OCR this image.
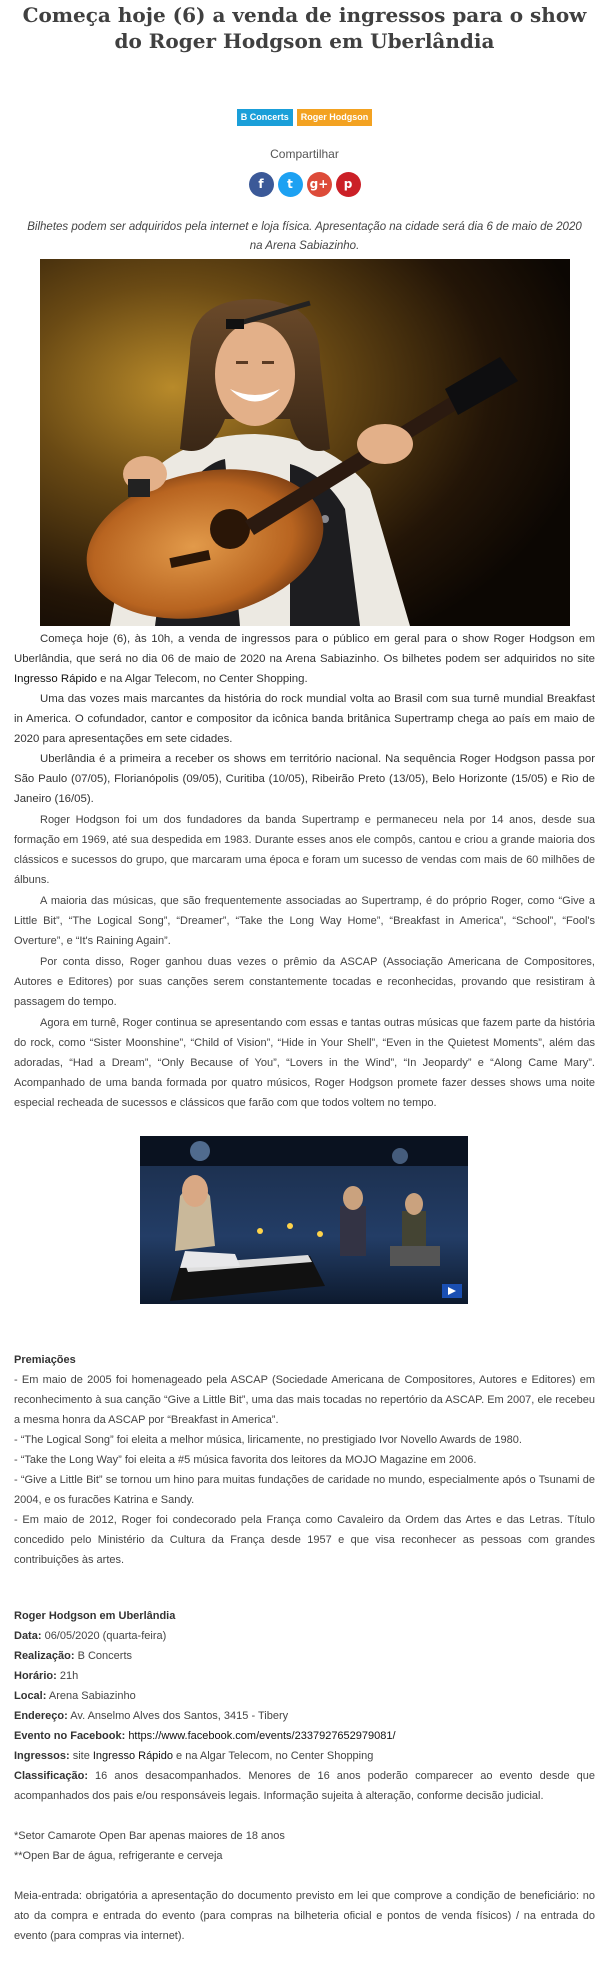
Começa hoje (6) a venda de ingressos para o show do Roger Hodgson em Uberlândia
B Concerts Roger Hodgson
Compartilhar
f t g+ p
Bilhetes podem ser adquiridos pela internet e loja física. Apresentação na cidade será dia 6 de maio de 2020 na Arena Sabiazinho.

Começa hoje (6), às 10h, a venda de ingressos para o público em geral para o show Roger Hodgson em Uberlândia, que será no dia 06 de maio de 2020 na Arena Sabiazinho. Os bilhetes podem ser adquiridos no site Ingresso Rápido e na Algar Telecom, no Center Shopping.

Uma das vozes mais marcantes da história do rock mundial volta ao Brasil com sua turnê mundial Breakfast in America. O cofundador, cantor e compositor da icônica banda britânica Supertramp chega ao país em maio de 2020 para apresentações em sete cidades.

Uberlândia é a primeira a receber os shows em território nacional. Na sequência Roger Hodgson passa por São Paulo (07/05), Florianópolis (09/05), Curitiba (10/05), Ribeirão Preto (13/05), Belo Horizonte (15/05) e Rio de Janeiro (16/05).

Roger Hodgson foi um dos fundadores da banda Supertramp e permaneceu nela por 14 anos, desde sua formação em 1969, até sua despedida em 1983. Durante esses anos ele compôs, cantou e criou a grande maioria dos clássicos e sucessos do grupo, que marcaram uma época e foram um sucesso de vendas com mais de 60 milhões de álbuns.

A maioria das músicas, que são frequentemente associadas ao Supertramp, é do próprio Roger, como “Give a Little Bit”, “The Logical Song”, “Dreamer”, “Take the Long Way Home”, “Breakfast in America”, “School”, “Fool's Overture”, e “It's Raining Again”.

Por conta disso, Roger ganhou duas vezes o prêmio da ASCAP (Associação Americana de Compositores, Autores e Editores) por suas canções serem constantemente tocadas e reconhecidas, provando que resistiram à passagem do tempo.

Agora em turnê, Roger continua se apresentando com essas e tantas outras músicas que fazem parte da história do rock, como “Sister Moonshine”, “Child of Vision”, “Hide in Your Shell”, “Even in the Quietest Moments”, além das adoradas, “Had a Dream”, “Only Because of You”, “Lovers in the Wind”, “In Jeopardy” e “Along Came Mary”. Acompanhado de uma banda formada por quatro músicos, Roger Hodgson promete fazer desses shows uma noite especial recheada de sucessos e clássicos que farão com que todos voltem no tempo.

Premiações
- Em maio de 2005 foi homenageado pela ASCAP (Sociedade Americana de Compositores, Autores e Editores) em reconhecimento à sua canção “Give a Little Bit”, uma das mais tocadas no repertório da ASCAP. Em 2007, ele recebeu a mesma honra da ASCAP por “Breakfast in America”.
- “The Logical Song” foi eleita a melhor música, liricamente, no prestigiado Ivor Novello Awards de 1980.
- “Take the Long Way” foi eleita a #5 música favorita dos leitores da MOJO Magazine em 2006.
- “Give a Little Bit” se tornou um hino para muitas fundações de caridade no mundo, especialmente após o Tsunami de 2004, e os furacões Katrina e Sandy.
- Em maio de 2012, Roger foi condecorado pela França como Cavaleiro da Ordem das Artes e das Letras. Título concedido pelo Ministério da Cultura da França desde 1957 e que visa reconhecer as pessoas com grandes contribuições às artes.
Roger Hodgson em Uberlândia
Data: 06/05/2020 (quarta-feira)
Realização: B Concerts
Horário: 21h
Local: Arena Sabiazinho
Endereço: Av. Anselmo Alves dos Santos, 3415 - Tibery
Evento no Facebook: https://www.facebook.com/events/2337927652979081/
Ingressos: site Ingresso Rápido e na Algar Telecom, no Center Shopping
Classificação: 16 anos desacompanhados. Menores de 16 anos poderão comparecer ao evento desde que acompanhados dos pais e/ou responsáveis legais. Informação sujeita à alteração, conforme decisão judicial.
*Setor Camarote Open Bar apenas maiores de 18 anos
**Open Bar de água, refrigerante e cerveja
Meia-entrada: obrigatória a apresentação do documento previsto em lei que comprove a condição de beneficiário: no ato da compra e entrada do evento (para compras na bilheteria oficial e pontos de venda físicos) / na entrada do evento (para compras via internet).
